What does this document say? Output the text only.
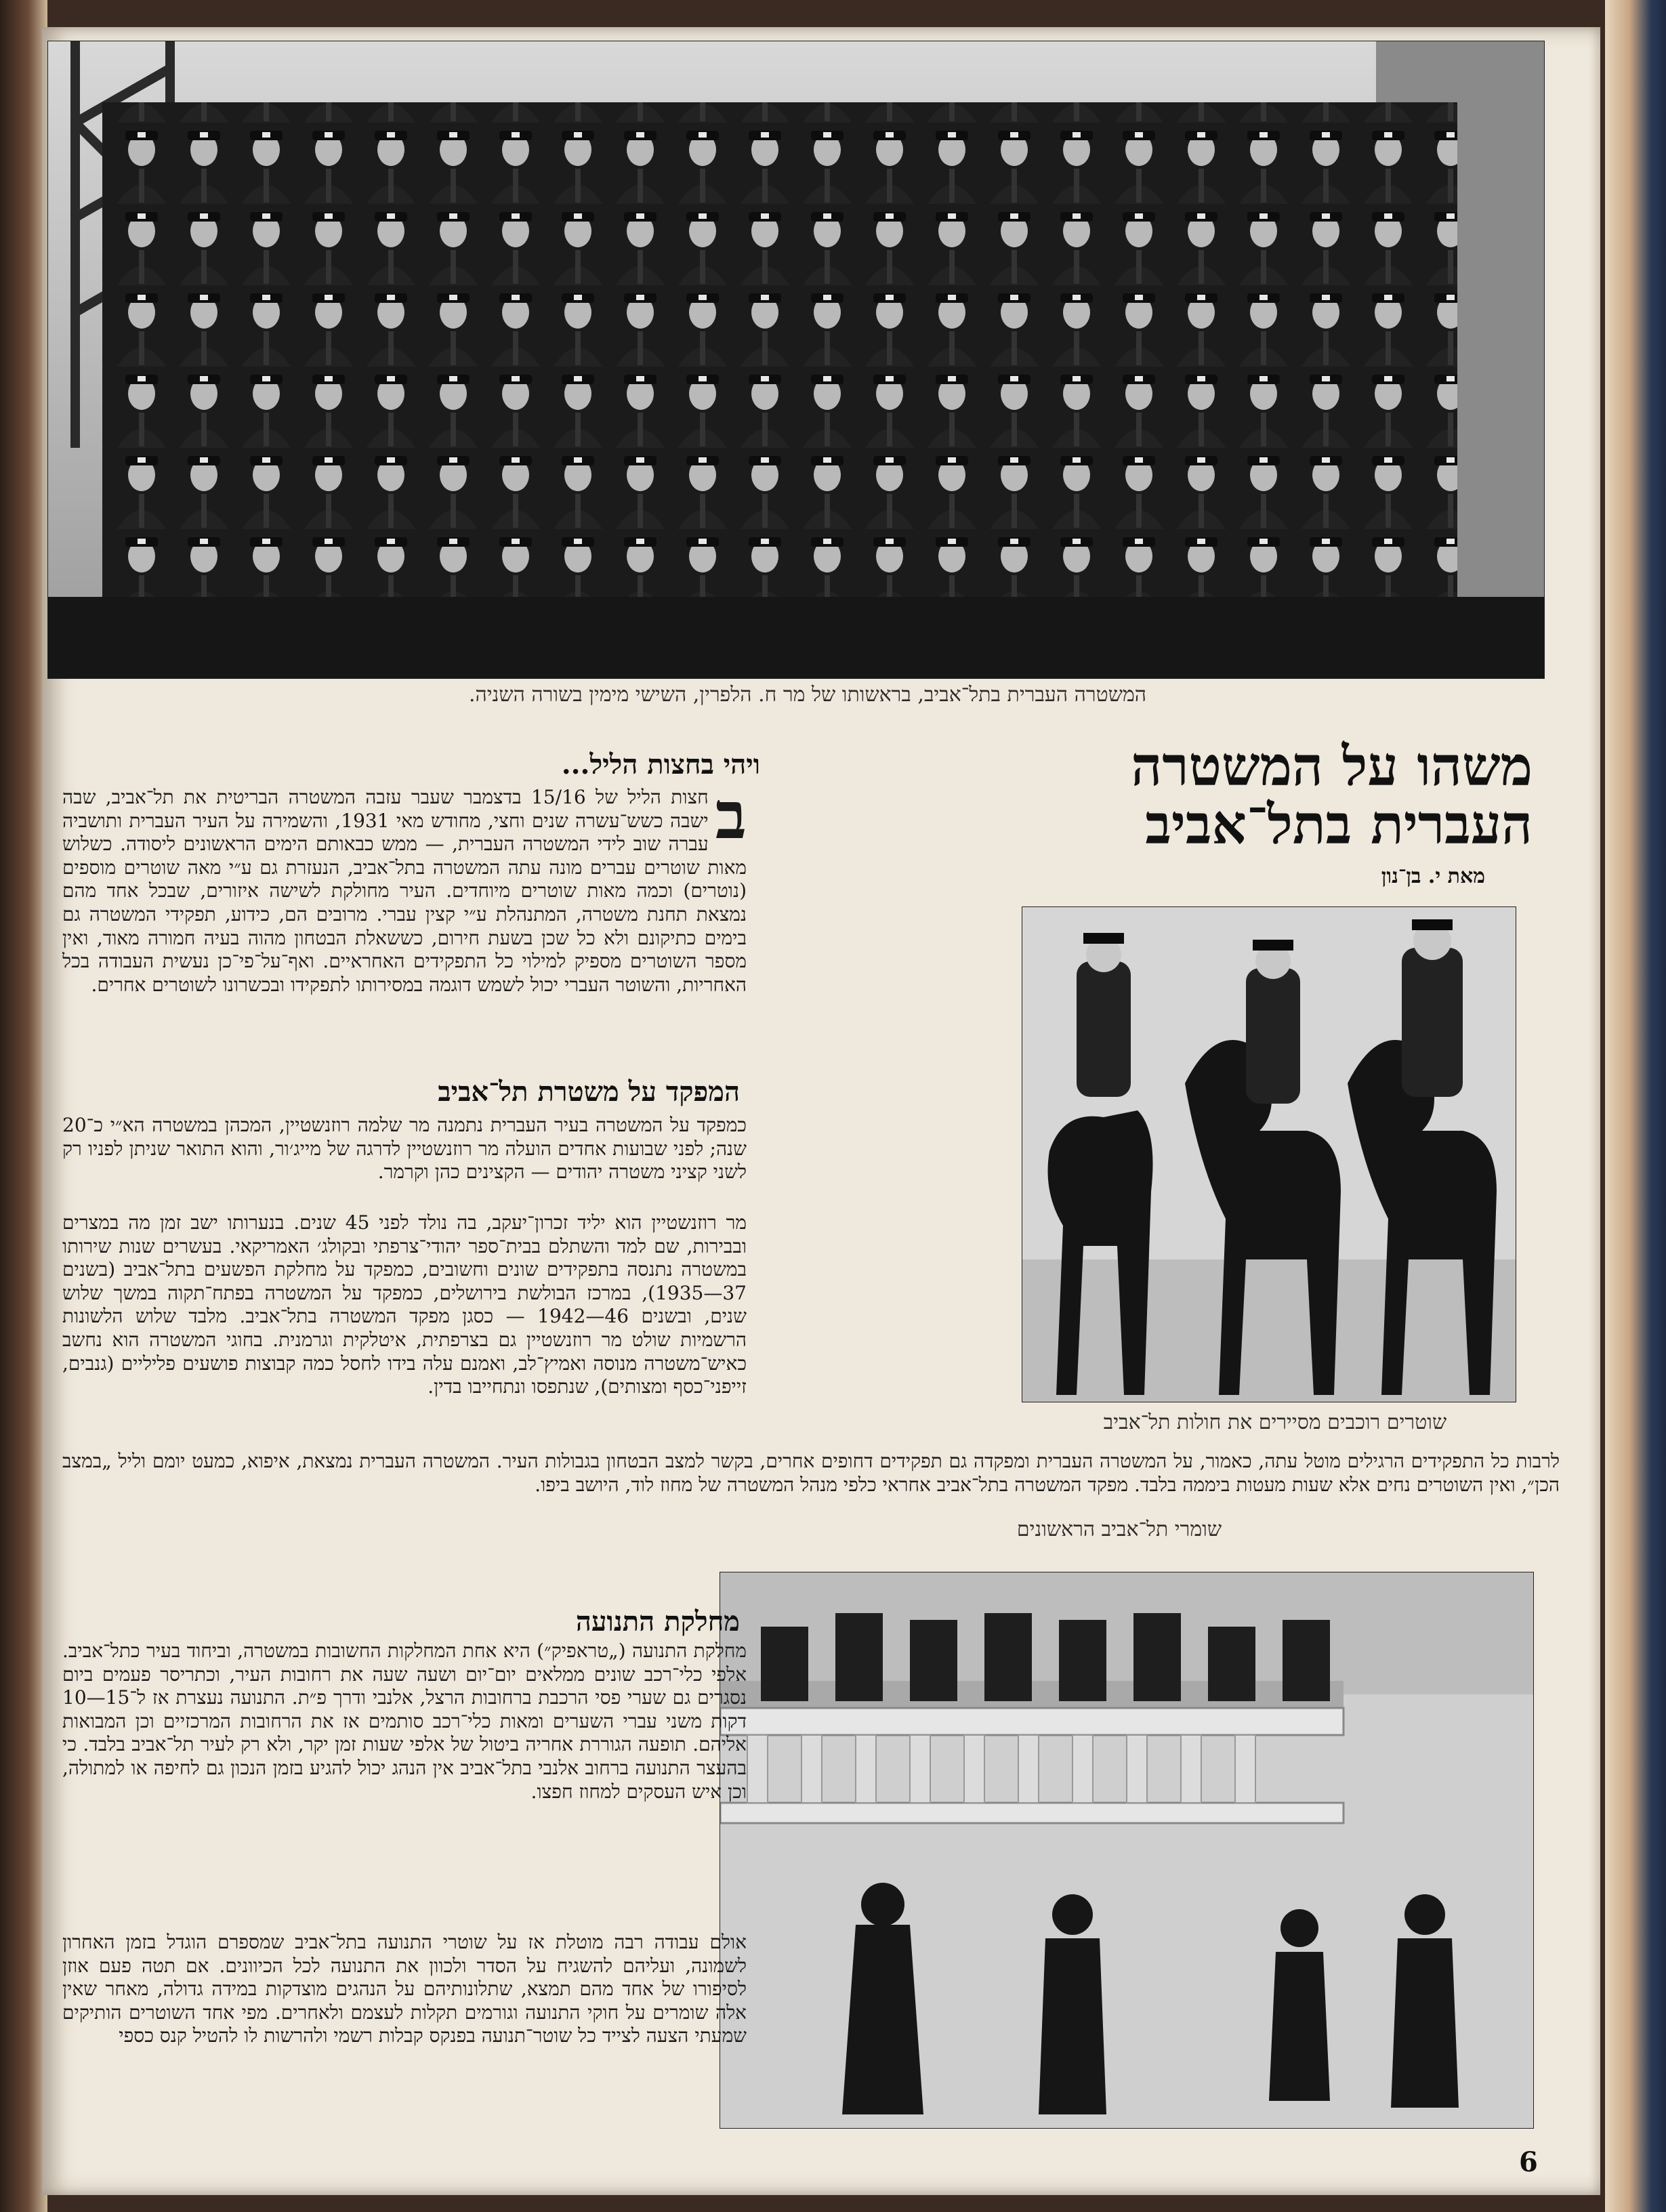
המשטרה העברית בתל־אביב, בראשותו של מר ח. הלפרין, השישי מימין בשורה השניה.
משהו על המשטרה
העברית בתל־אביב
מאת י. בן־נון
שוטרים רוכבים מסיירים את חולות תל־אביב
שומרי תל־אביב הראשונים
ויהי בחצות הליל...

ב
חצות הליל של 15/16 בדצמבר שעבר עזבה המשטרה הבריטית את תל־אביב, שבה ישבה כשש־עשרה שנים וחצי, מחודש מאי 1931, והשמירה על העיר העברית ותושביה עברה שוב לידי המשטרה העברית, — ממש כבאותם הימים הראשונים ליסודה. כשלוש מאות שוטרים עברים מונה עתה המשטרה בתל־אביב, הנעזרת גם ע״י מאה שוטרים מוספים (נוטרים) וכמה מאות שוטרים מיוחדים. העיר מחולקת לשישה איזורים, שבכל אחד מהם נמצאת תחנת משטרה, המתנהלת ע״י קצין עברי. מרובים הם, כידוע, תפקידי המשטרה גם בימים כתיקונם ולא כל שכן בשעת חירום, כששאלת הבטחון מהוה בעיה חמורה מאוד, ואין מספר השוטרים מספיק למילוי כל התפקידים האחראיים. ואף־על־פי־כן נעשית העבודה בכל האחריות, והשוטר העברי יכול לשמש דוגמה במסירותו לתפקידו ובכשרונו לשוטרים אחרים.

המפקד על משטרת תל־אביב

כמפקד על המשטרה בעיר העברית נתמנה מר שלמה רוזנשטיין, המכהן במשטרה הא״י כ־20 שנה; לפני שבועות אחדים הועלה מר רוזנשטיין לדרגה של מייג׳ור, והוא התואר שניתן לפניו רק לשני קציני משטרה יהודים — הקצינים כהן וקרמר.

מר רוזנשטיין הוא יליד זכרון־יעקב, בה נולד לפני 45 שנים. בנערותו ישב זמן מה במצרים ובבירות, שם למד והשתלם בבית־ספר יהודי־צרפתי ובקולג׳ האמריקאי. בעשרים שנות שירותו במשטרה נתנסה בתפקידים שונים וחשובים, כמפקד על מחלקת הפשעים בתל־אביב (בשנים 37—1935), במרכז הבולשת בירושלים, כמפקד על המשטרה בפתח־תקוה במשך שלוש שנים, ובשנים 46—1942 — כסגן מפקד המשטרה בתל־אביב. מלבד שלוש הלשונות הרשמיות שולט מר רוזנשטיין גם בצרפתית, איטלקית וגרמנית. בחוגי המשטרה הוא נחשב כאיש־משטרה מנוסה ואמיץ־לב, ואמנם עלה בידו לחסל כמה קבוצות פושעים פליליים (גנבים, זייפני־כסף ומצותים), שנתפסו ונתחייבו בדין.

לרבות כל התפקידים הרגילים מוטל עתה, כאמור, על המשטרה העברית ומפקדה גם תפקידים דחופים אחרים, בקשר למצב הבטחון בגבולות העיר. המשטרה העברית נמצאת, איפוא, כמעט יומם וליל „במצב הכן״, ואין השוטרים נחים אלא שעות מעטות ביממה בלבד. מפקד המשטרה בתל־אביב אחראי כלפי מנהל המשטרה של מחוז לוד, היושב ביפו.

מחלקת התנועה

מחלקת התנועה („טראפיק״) היא אחת המחלקות החשובות במשטרה, וביחוד בעיר כתל־אביב. אלפי כלי־רכב שונים ממלאים יום־יום ושעה שעה את רחובות העיר, וכתריסר פעמים ביום נסגרים גם שערי פסי הרכבת ברחובות הרצל, אלנבי ודרך פ״ת. התנועה נעצרת אז ל־15—10 דקות משני עברי השערים ומאות כלי־רכב סותמים אז את הרחובות המרכזיים וכן המבואות אליהם. תופעה הגוררת אחריה ביטול של אלפי שעות זמן יקר, ולא רק לעיר תל־אביב בלבד. כי בהעצר התנועה ברחוב אלנבי בתל־אביב אין הנהג יכול להגיע בזמן הנכון גם לחיפה או למתולה, וכן איש העסקים למחוז חפצו.

אולם עבודה רבה מוטלת אז על שוטרי התנועה בתל־אביב שמספרם הוגדל בזמן האחרון לשמונה, ועליהם להשגיח על הסדר ולכוון את התנועה לכל הכיוונים. אם תטה פעם אוזן לסיפורו של אחד מהם תמצא, שתלונותיהם על הנהגים מוצדקות במידה גדולה, מאחר שאין אלה שומרים על חוקי התנועה וגורמים תקלות לעצמם ולאחרים. מפי אחד השוטרים הותיקים שמעתי הצעה לצייד כל שוטר־תנועה בפנקס קבלות רשמי ולהרשות לו להטיל קנס כספי

6
